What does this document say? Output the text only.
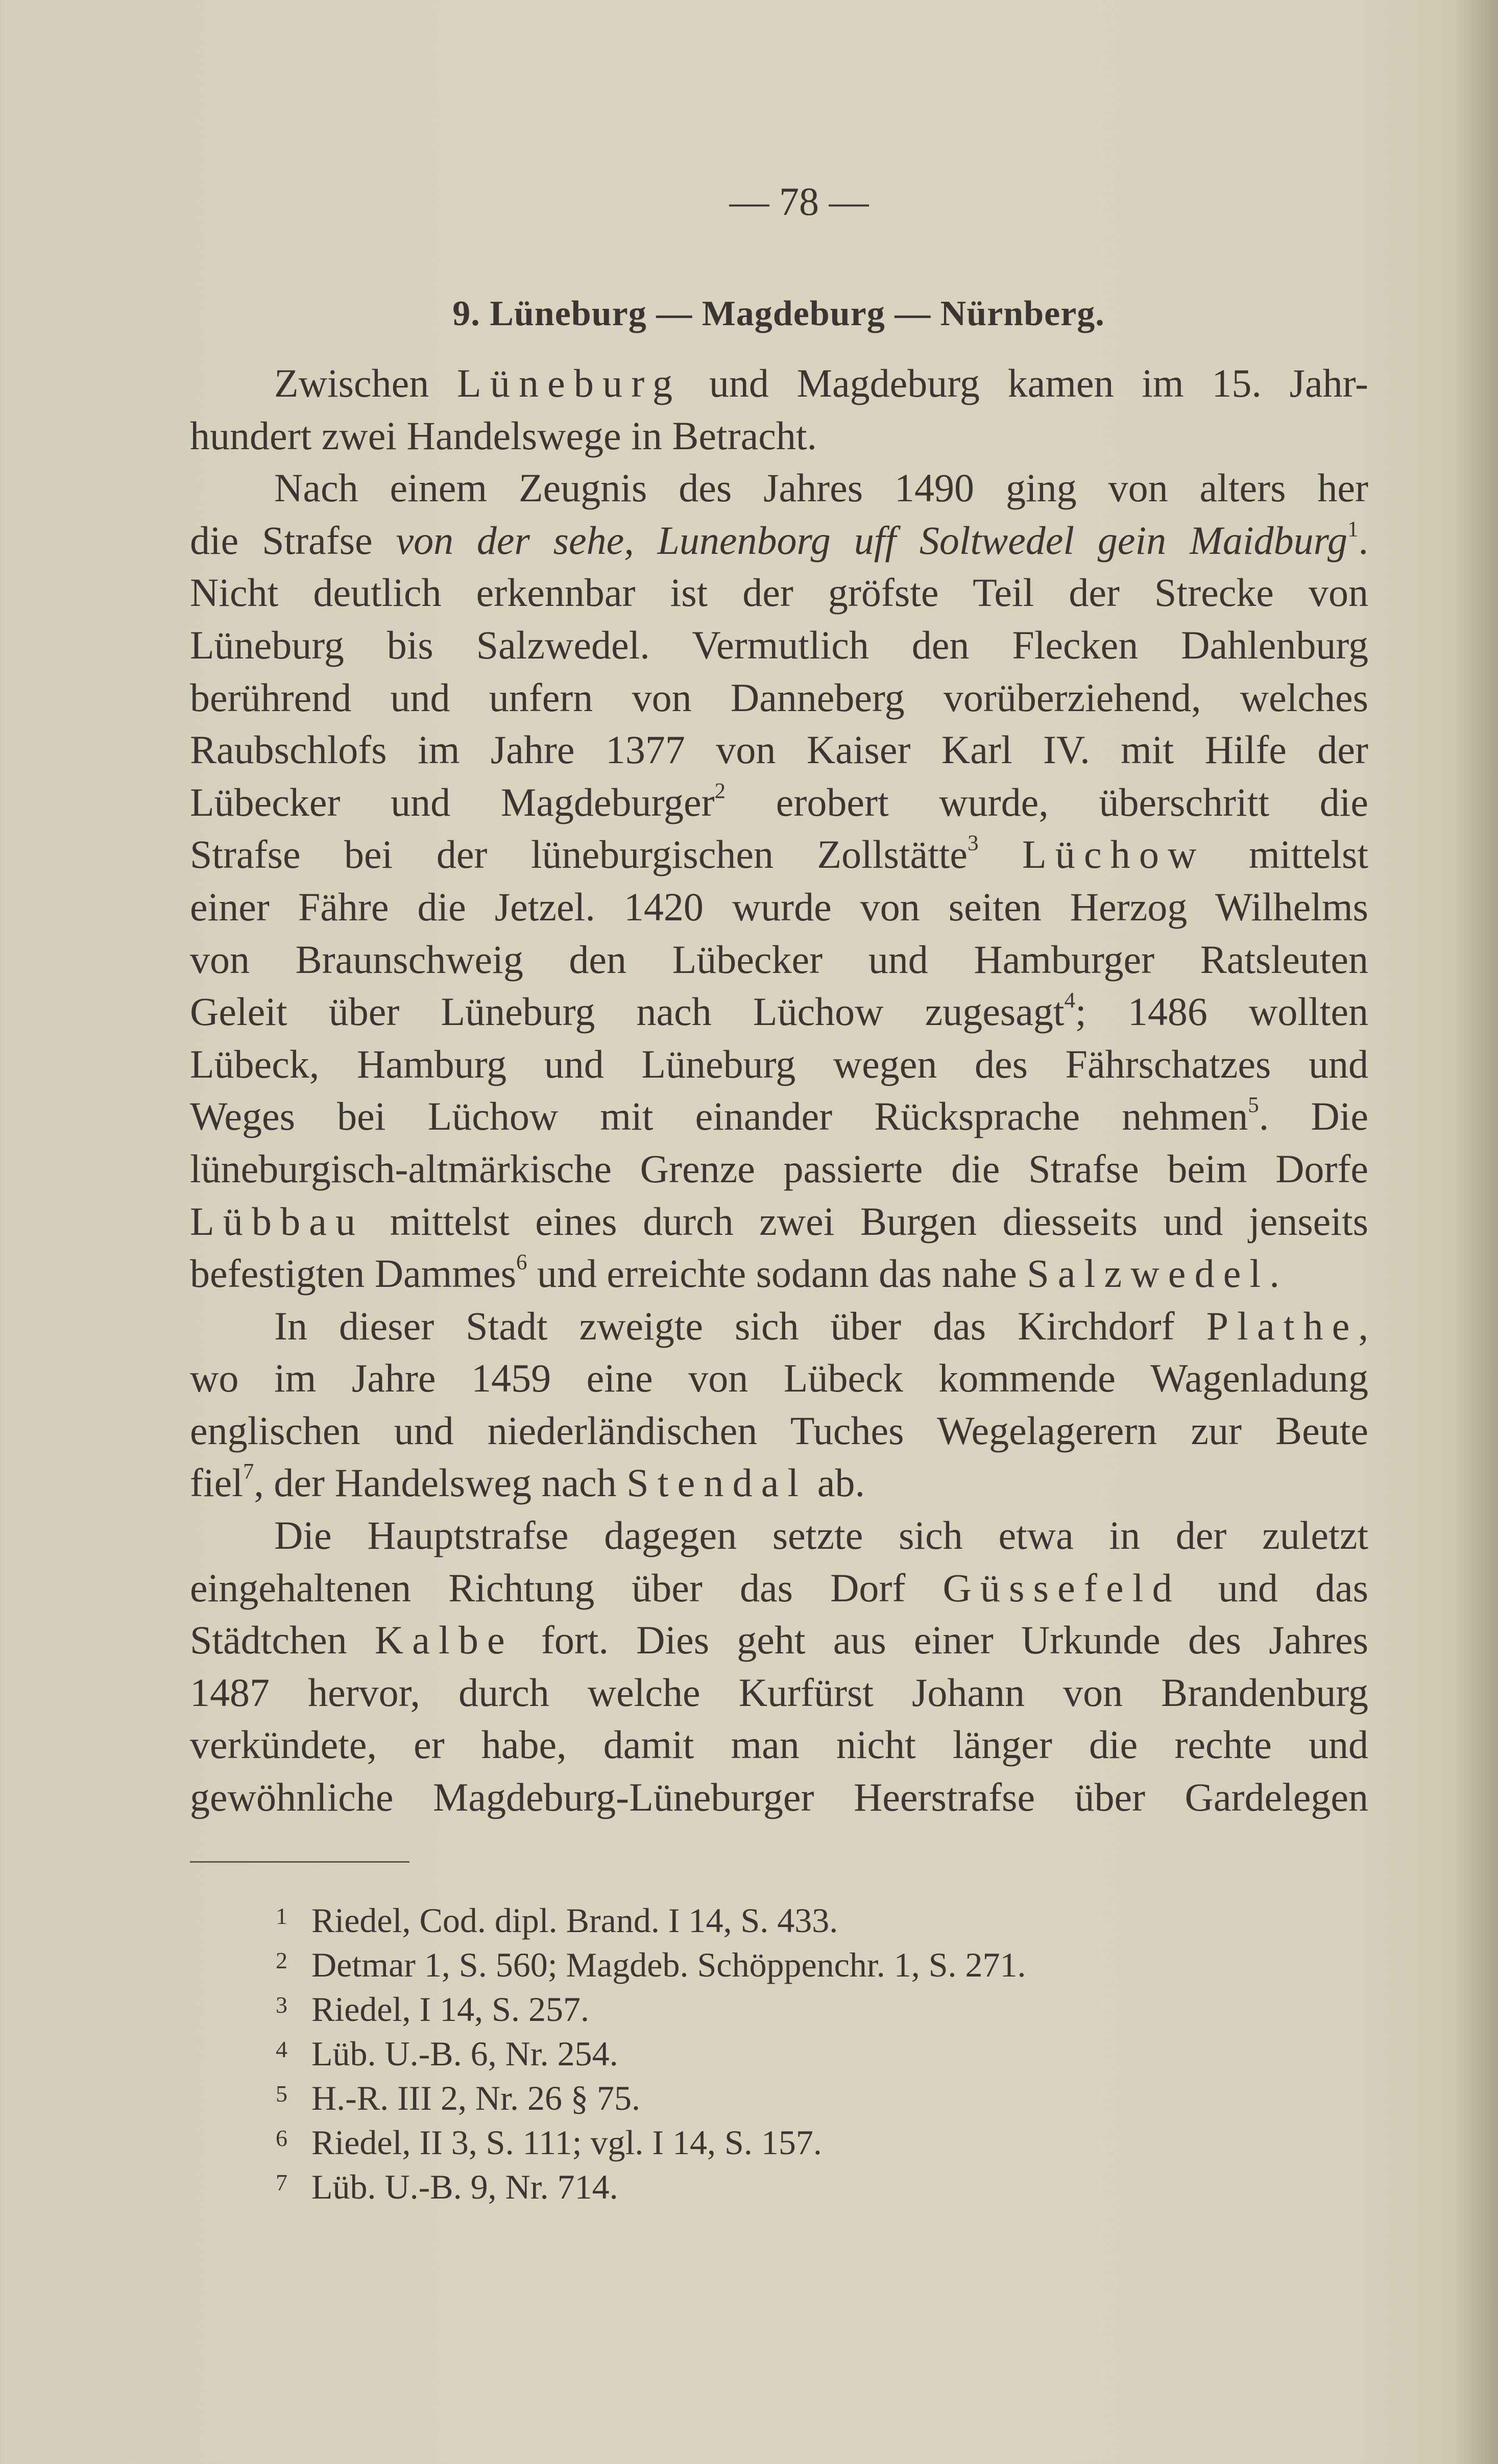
— 78 —
9. Lüneburg — Magdeburg — Nürnberg.
Zwischen Lüneburg und Magdeburg kamen im 15. Jahr-
hundert zwei Handelswege in Betracht.
Nach einem Zeugnis des Jahres 1490 ging von alters her
die Strafse von der sehe, Lunenborg uff Soltwedel gein Maidburg$^1$.
Nicht deutlich erkennbar ist der gröfste Teil der Strecke von
Lüneburg bis Salzwedel. Vermutlich den Flecken Dahlenburg
berührend und unfern von Danneberg vorüberziehend, welches
Raubschlofs im Jahre 1377 von Kaiser Karl IV. mit Hilfe der
Lübecker und Magdeburger$^2$ erobert wurde, überschritt die
Strafse bei der lüneburgischen Zollstätte$^3$ Lüchow mittelst
einer Fähre die Jetzel. 1420 wurde von seiten Herzog Wilhelms
von Braunschweig den Lübecker und Hamburger Ratsleuten
Geleit über Lüneburg nach Lüchow zugesagt$^4$; 1486 wollten
Lübeck, Hamburg und Lüneburg wegen des Fährschatzes und
Weges bei Lüchow mit einander Rücksprache nehmen$^5$. Die
lüneburgisch-altmärkische Grenze passierte die Strafse beim Dorfe
Lübbau mittelst eines durch zwei Burgen diesseits und jenseits
befestigten Dammes$^6$ und erreichte sodann das nahe Salzwedel.
In dieser Stadt zweigte sich über das Kirchdorf Plathe,
wo im Jahre 1459 eine von Lübeck kommende Wagenladung
englischen und niederländischen Tuches Wegelagerern zur Beute
fiel$^7$, der Handelsweg nach Stendal ab.
Die Hauptstrafse dagegen setzte sich etwa in der zuletzt
eingehaltenen Richtung über das Dorf Güssefeld und das
Städtchen Kalbe fort. Dies geht aus einer Urkunde des Jahres
1487 hervor, durch welche Kurfürst Johann von Brandenburg
verkündete, er habe, damit man nicht länger die rechte und
gewöhnliche Magdeburg-Lüneburger Heerstrafse über Gardelegen
1 Riedel, Cod. dipl. Brand. I 14, S. 433.
2 Detmar 1, S. 560; Magdeb. Schöppenchr. 1, S. 271.
3 Riedel, I 14, S. 257.
4 Lüb. U.-B. 6, Nr. 254.
5 H.-R. III 2, Nr. 26 § 75.
6 Riedel, II 3, S. 111; vgl. I 14, S. 157.
7 Lüb. U.-B. 9, Nr. 714.
